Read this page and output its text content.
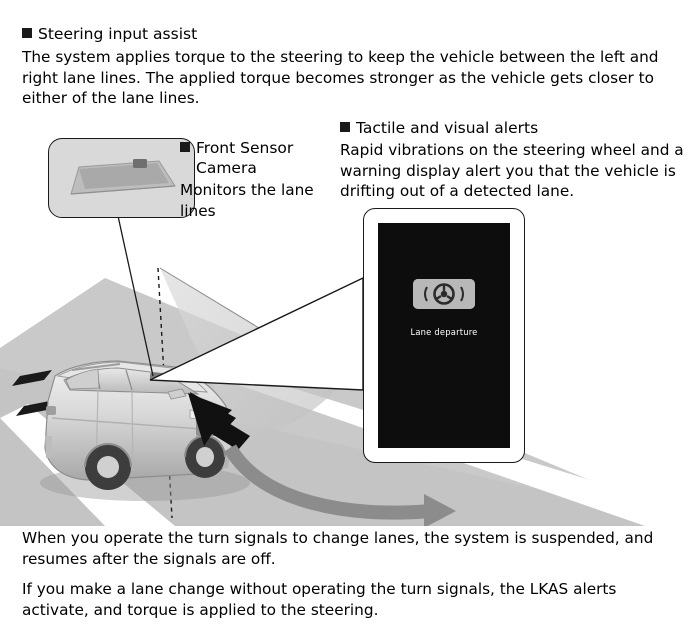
Steering input assist
The system applies torque to the steering to keep the vehicle between the left and right lane lines. The applied torque becomes stronger as the vehicle gets closer to either of the lane lines.
Front Sensor Camera
Monitors the lane lines
Tactile and visual alerts
Rapid vibrations on the steering wheel and a warning display alert you that the vehicle is drifting out of a detected lane.
Lane departure
When you operate the turn signals to change lanes, the system is suspended, and resumes after the signals are off.
If you make a lane change without operating the turn signals, the LKAS alerts activate, and torque is applied to the steering.
